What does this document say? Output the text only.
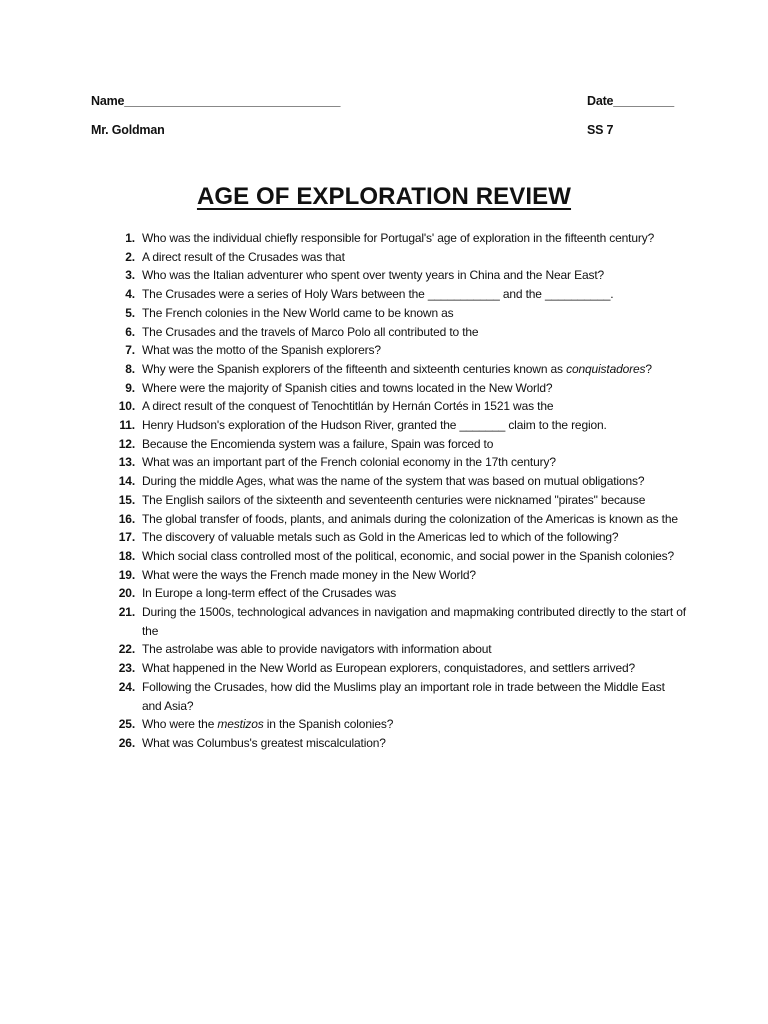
Name________________________________	Date_________
Mr. Goldman	SS 7
AGE OF EXPLORATION REVIEW
1. Who was the individual chiefly responsible for Portugal's' age of exploration in the fifteenth century?
2. A direct result of the Crusades was that
3. Who was the Italian adventurer who spent over twenty years in China and the Near East?
4. The Crusades were a series of Holy Wars between the ___________ and the __________.
5. The French colonies in the New World came to be known as
6. The Crusades and the travels of Marco Polo all contributed to the
7. What was the motto of the Spanish explorers?
8. Why were the Spanish explorers of the fifteenth and sixteenth centuries known as conquistadores?
9. Where were the majority of Spanish cities and towns located in the New World?
10. A direct result of the conquest of Tenochtitlán by Hernán Cortés in 1521 was the
11. Henry Hudson's exploration of the Hudson River, granted the _______ claim to the region.
12. Because the Encomienda system was a failure, Spain was forced to
13. What was an important part of the French colonial economy in the 17th century?
14. During the middle Ages, what was the name of the system that was based on mutual obligations?
15. The English sailors of the sixteenth and seventeenth centuries were nicknamed "pirates" because
16. The global transfer of foods, plants, and animals during the colonization of the Americas is known as the
17. The discovery of valuable metals such as Gold in the Americas led to which of the following?
18. Which social class controlled most of the political, economic, and social power in the Spanish colonies?
19. What were the ways the French made money in the New World?
20. In Europe a long-term effect of the Crusades was
21. During the 1500s, technological advances in navigation and mapmaking contributed directly to the start of the
22. The astrolabe was able to provide navigators with information about
23. What happened in the New World as European explorers, conquistadores, and settlers arrived?
24. Following the Crusades, how did the Muslims play an important role in trade between the Middle East and Asia?
25. Who were the mestizos in the Spanish colonies?
26. What was Columbus's greatest miscalculation?
